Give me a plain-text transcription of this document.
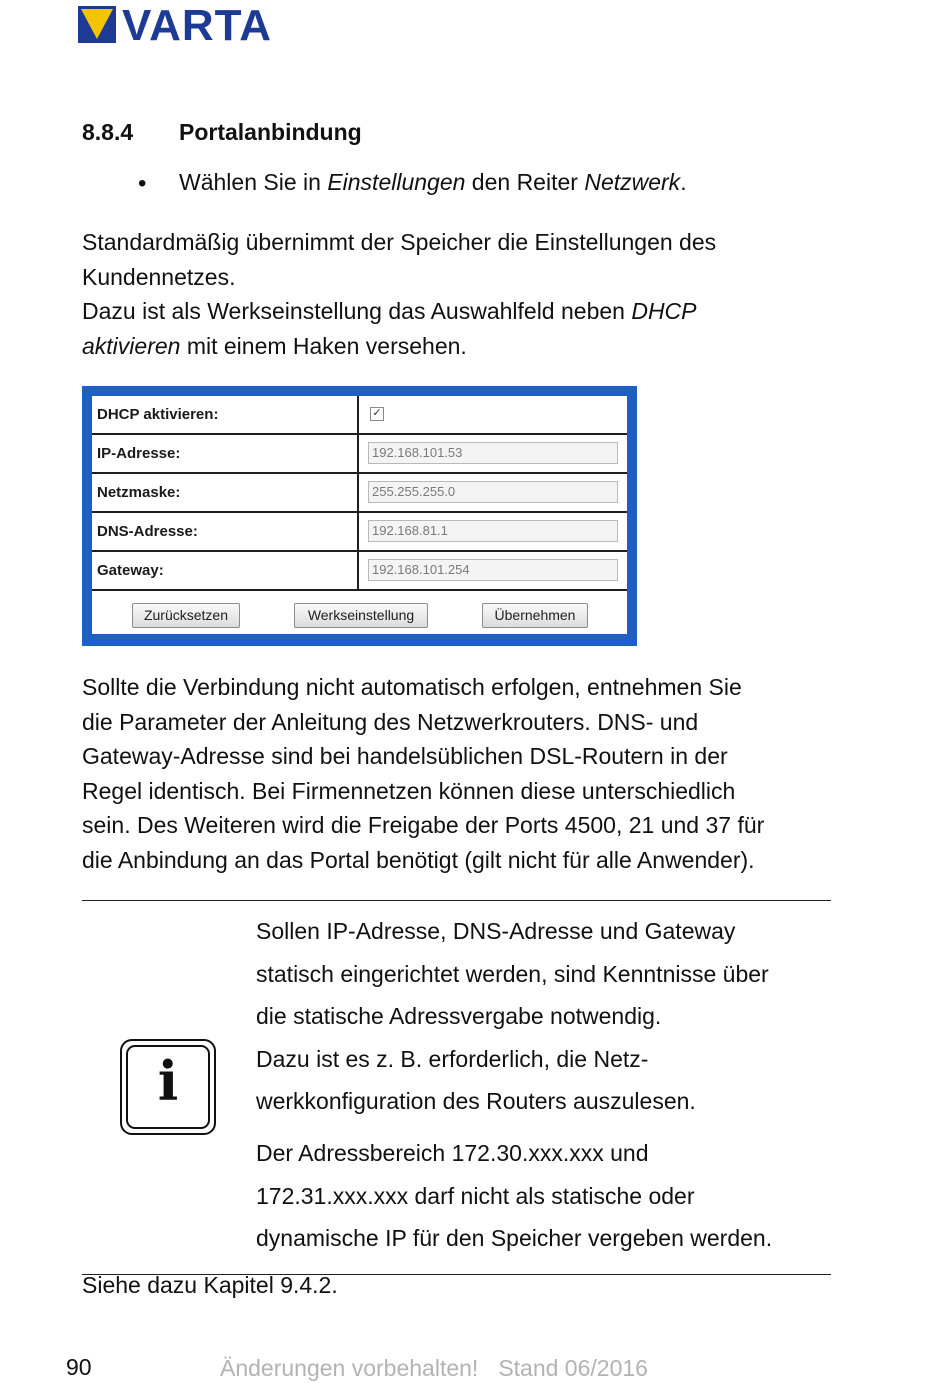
VARTA
8.8.4 Portalanbindung
• Wählen Sie in Einstellungen den Reiter Netzwerk.
Standardmäßig übernimmt der Speicher die Einstellungen des
Kundennetzes.
Dazu ist als Werkseinstellung das Auswahlfeld neben DHCP
aktivieren mit einem Haken versehen.
DHCP aktivieren:	✓
IP-Adresse:	192.168.101.53
Netzmaske:	255.255.255.0
DNS-Adresse:	192.168.81.1
Gateway:	192.168.101.254
Zurücksetzen	Werkseinstellung	Übernehmen
Sollte die Verbindung nicht automatisch erfolgen, entnehmen Sie
die Parameter der Anleitung des Netzwerkrouters. DNS- und
Gateway-Adresse sind bei handelsüblichen DSL-Routern in der
Regel identisch. Bei Firmennetzen können diese unterschiedlich
sein. Des Weiteren wird die Freigabe der Ports 4500, 21 und 37 für
die Anbindung an das Portal benötigt (gilt nicht für alle Anwender).
i
Sollen IP-Adresse, DNS-Adresse und Gateway
statisch eingerichtet werden, sind Kenntnisse über
die statische Adressvergabe notwendig.
Dazu ist es z. B. erforderlich, die Netz-
werkkonfiguration des Routers auszulesen.
Der Adressbereich 172.30.xxx.xxx und
172.31.xxx.xxx darf nicht als statische oder
dynamische IP für den Speicher vergeben werden.
Siehe dazu Kapitel 9.4.2.
90	Änderungen vorbehalten! Stand 06/2016
